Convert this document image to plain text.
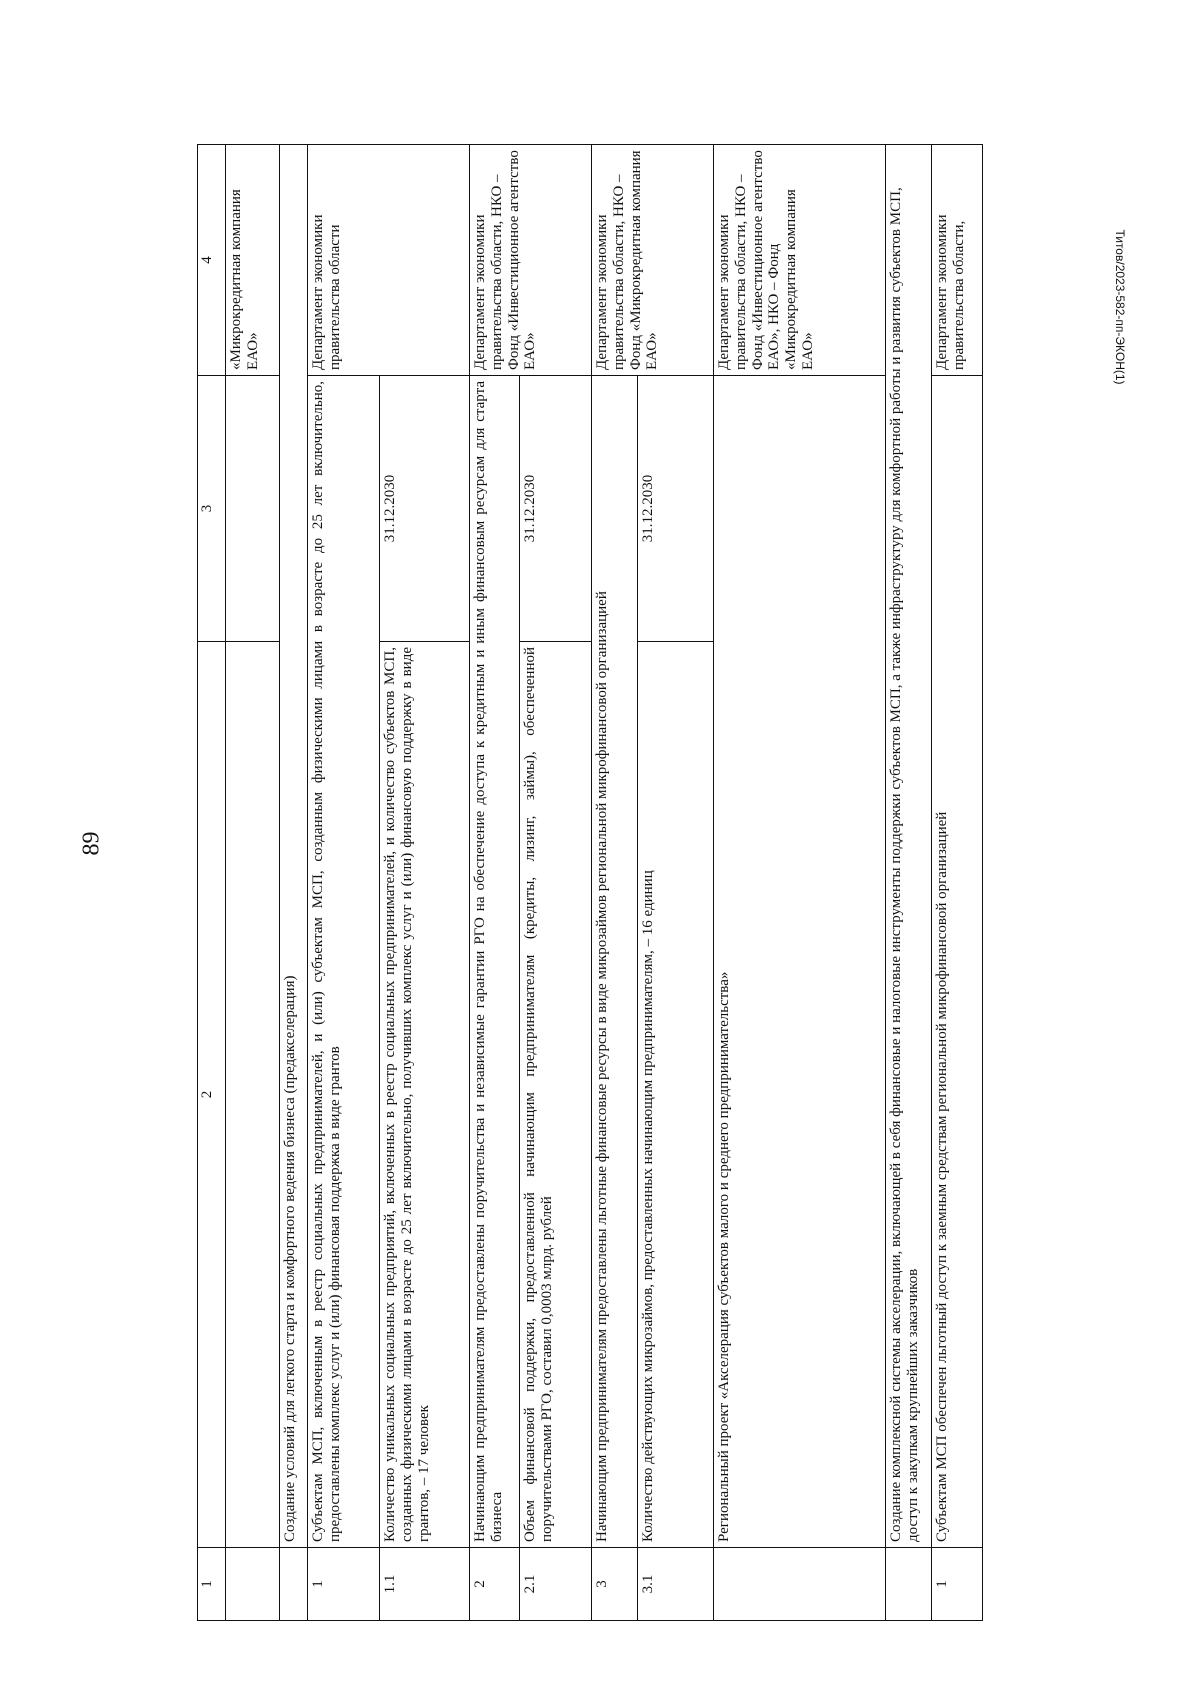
89
Титов/2023-582-пп-ЭКОН(1)
1	2	3	4
			«Микрокредитная компания ЕАО»
	Создание условий для легкого старта и комфортного ведения бизнеса (предакселерация)		
1	Субъектам МСП, включенным в реестр социальных предпринимателей, и (или) субъектам МСП, созданным физическими лицами в возрасте до 25 лет включительно, предоставлены комплекс услуг и (или) финансовая поддержка в виде грантов		Департамент экономики правительства области
1.1	Количество уникальных социальных предприятий, включенных в реестр социальных предпринимателей, и количество субъектов МСП, созданных физическими лицами в возрасте до 25 лет включительно, получивших комплекс услуг и (или) финансовую поддержку в виде грантов, – 17 человек	31.12.2030	
2	Начинающим предпринимателям предоставлены поручительства и независимые гарантии РГО на обеспечение доступа к кредитным и иным финансовым ресурсам для старта бизнеса		Департамент экономики правительства области, НКО – Фонд «Инвестиционное агентство ЕАО»
2.1	Объем финансовой поддержки, предоставленной начинающим предпринимателям (кредиты, лизинг, займы), обеспеченной поручительствами РГО, составил 0,0003 млрд. рублей	31.12.2030	
3	Начинающим предпринимателям предоставлены льготные финансовые ресурсы в виде микрозаймов региональной микрофинансовой организацией		Департамент экономики правительства области, НКО – Фонд «Микрокредитная компания ЕАО»
3.1	Количество действующих микрозаймов, предоставленных начинающим предпринимателям, – 16 единиц	31.12.2030	
	Региональный проект «Акселерация субъектов малого и среднего предпринимательства»		Департамент экономики правительства области, НКО – Фонд «Инвестиционное агентство ЕАО», НКО – Фонд «Микрокредитная компания ЕАО»
	Создание комплексной системы акселерации, включающей в себя финансовые и налоговые инструменты поддержки субъектов МСП, а также инфраструктуру для комфортной работы и развития субъектов МСП, доступ к закупкам крупнейших заказчиков		
1	Субъектам МСП обеспечен льготный доступ к заемным средствам региональной микрофинансовой организацией		Департамент экономики правительства области,
